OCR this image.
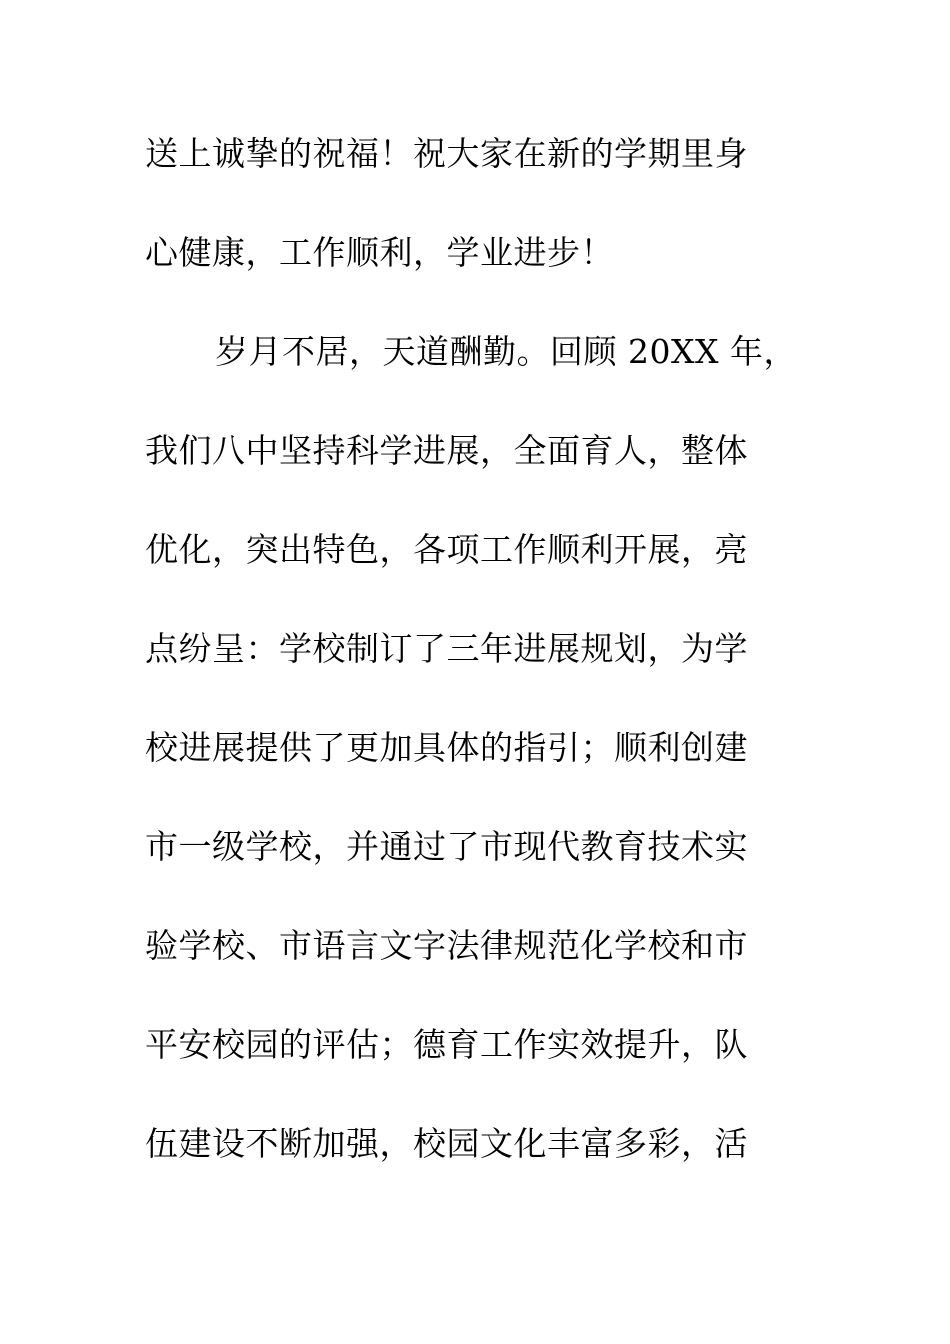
送上诚挚的祝福！祝大家在新的学期里身
心健康，工作顺利，学业进步！
岁月不居，天道酬勤。回顾 20XX 年，
我们八中坚持科学进展，全面育人，整体
优化，突出特色，各项工作顺利开展，亮
点纷呈：学校制订了三年进展规划，为学
校进展提供了更加具体的指引；顺利创建
市一级学校，并通过了市现代教育技术实
验学校、市语言文字法律规范化学校和市
平安校园的评估；德育工作实效提升，队
伍建设不断加强，校园文化丰富多彩，活
